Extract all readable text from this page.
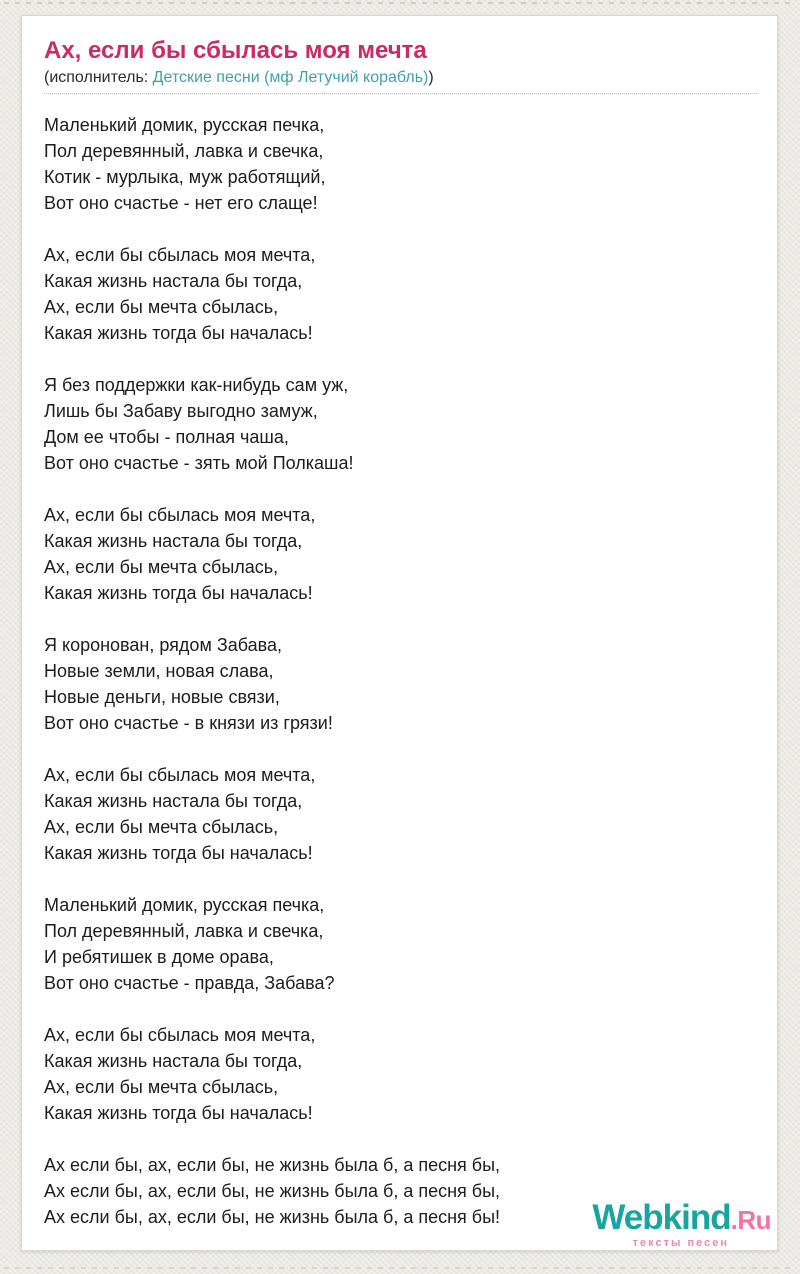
Ах, если бы сбылась моя мечта
(исполнитель: Детские песни (мф Летучий корабль))

Маленький домик, русская печка,

Пол деревянный, лавка и свечка,

Котик - мурлыка, муж работящий,

Вот оно счастье - нет его слаще!

Ах, если бы сбылась моя мечта,

Какая жизнь настала бы тогда,

Ах, если бы мечта сбылась,

Какая жизнь тогда бы началась!

Я без поддержки как-нибудь сам уж,

Лишь бы Забаву выгодно замуж,

Дом ее чтобы - полная чаша,

Вот оно счастье - зять мой Полкаша!

Ах, если бы сбылась моя мечта,

Какая жизнь настала бы тогда,

Ах, если бы мечта сбылась,

Какая жизнь тогда бы началась!

Я коронован, рядом Забава,

Новые земли, новая слава,

Новые деньги, новые связи,

Вот оно счастье - в князи из грязи!

Ах, если бы сбылась моя мечта,

Какая жизнь настала бы тогда,

Ах, если бы мечта сбылась,

Какая жизнь тогда бы началась!

Маленький домик, русская печка,

Пол деревянный, лавка и свечка,

И ребятишек в доме орава,

Вот оно счастье - правда, Забава?

Ах, если бы сбылась моя мечта,

Какая жизнь настала бы тогда,

Ах, если бы мечта сбылась,

Какая жизнь тогда бы началась!

Ах если бы, ах, если бы, не жизнь была б, а песня бы,

Ах если бы, ах, если бы, не жизнь была б, а песня бы,

Ах если бы, ах, если бы, не жизнь была б, а песня бы!	Webkind.Ru
тексты песен
